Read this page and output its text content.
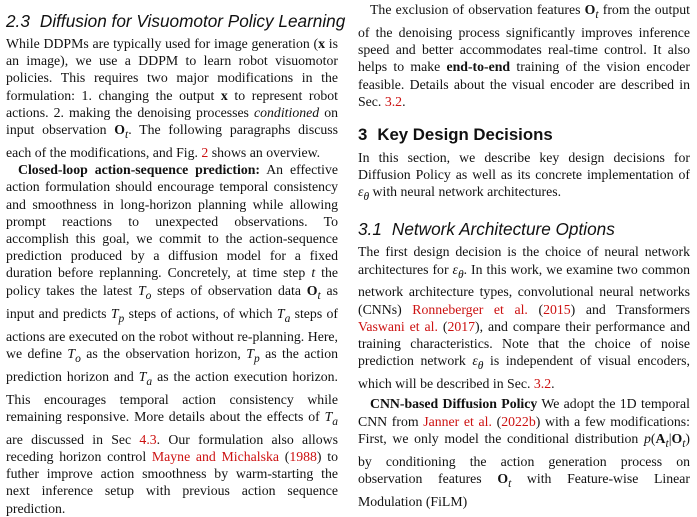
2.3 Diffusion for Visuomotor Policy Learning

While DDPMs are typically used for image generation (x is an image), we use a DDPM to learn robot visuomotor policies. This requires two major modifications in the formulation: 1. changing the output x to represent robot actions. 2. making the denoising processes conditioned on input observation $O_t$. The following paragraphs discuss each of the modifications, and Fig. 2 shows an overview.

Closed-loop action-sequence prediction: An effective action formulation should encourage temporal consistency and smoothness in long-horizon planning while allowing prompt reactions to unexpected observations. To accomplish this goal, we commit to the action-sequence prediction produced by a diffusion model for a fixed duration before replanning. Concretely, at time step t the policy takes the latest $T_o$ steps of observation data $O_t$ as input and predicts $T_p$ steps of actions, of which $T_a$ steps of actions are executed on the robot without re-planning. Here, we define $T_o$ as the observation horizon, $T_p$ as the action prediction horizon and $T_a$ as the action execution horizon. This encourages temporal action consistency while remaining responsive. More details about the effects of $T_a$ are discussed in Sec 4.3. Our formulation also allows receding horizon control Mayne and Michalska (1988) to futher improve action smoothness by warm-starting the next inference setup with previous action sequence prediction.

The exclusion of observation features $O_t$ from the output of the denoising process significantly improves inference speed and better accommodates real-time control. It also helps to make end-to-end training of the vision encoder feasible. Details about the visual encoder are described in Sec. 3.2.

3 Key Design Decisions

In this section, we describe key design decisions for Diffusion Policy as well as its concrete implementation of $\varepsilon_\theta$ with neural network architectures.

3.1 Network Architecture Options

The first design decision is the choice of neural network architectures for $\varepsilon_\theta$. In this work, we examine two common network architecture types, convolutional neural networks (CNNs) Ronneberger et al. (2015) and Transformers Vaswani et al. (2017), and compare their performance and training characteristics. Note that the choice of noise prediction network $\varepsilon_\theta$ is independent of visual encoders, which will be described in Sec. 3.2.

CNN-based Diffusion Policy We adopt the 1D temporal CNN from Janner et al. (2022b) with a few modifications: First, we only model the conditional distribution $p(A_t|O_t)$ by conditioning the action generation process on observation features $O_t$ with Feature-wise Linear Modulation (FiLM)
